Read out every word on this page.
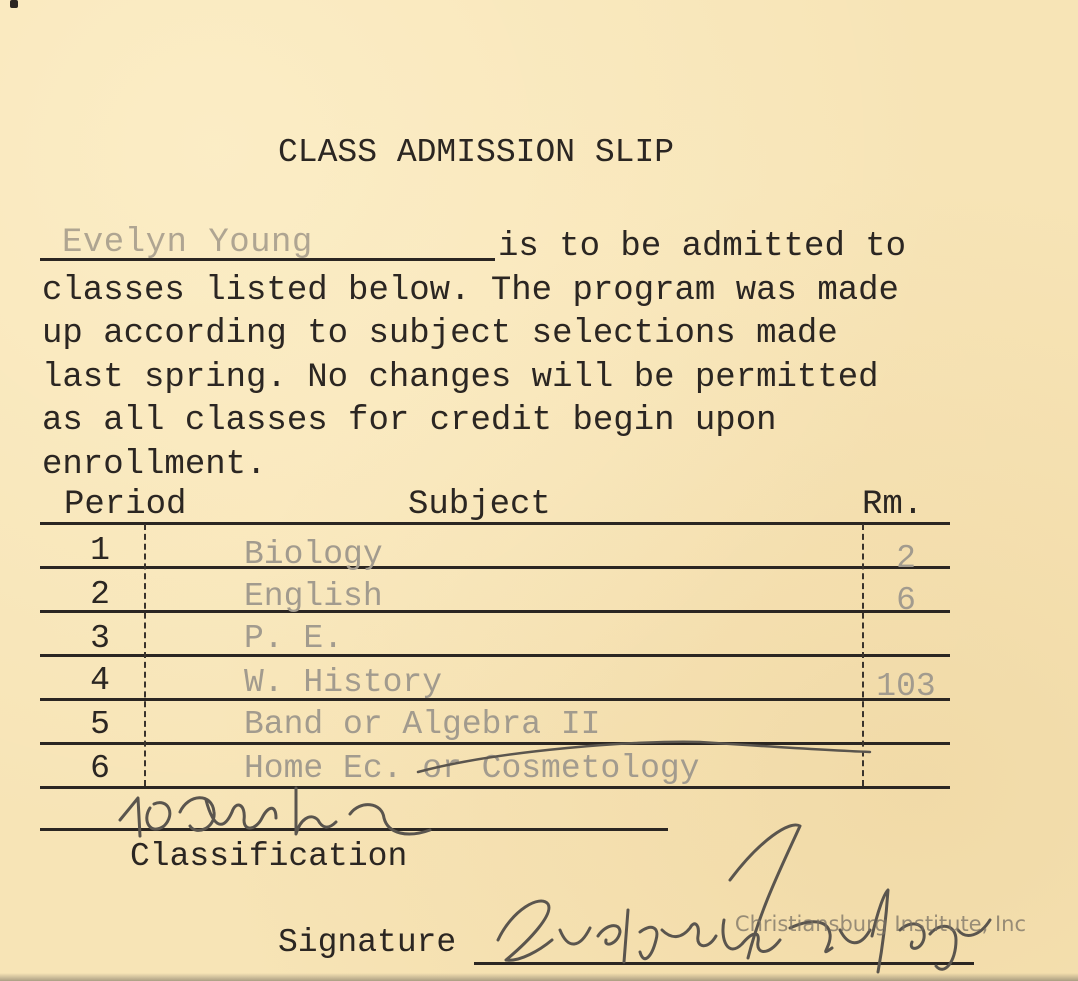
CLASS ADMISSION SLIP
Evelyn Young	is to be admitted to
classes listed below. The program was made
up according to subject selections made
last spring. No changes will be permitted
as all classes for credit begin upon
enrollment.
Period	Subject	Rm.
1	Biology	2
2	English	6
3	P. E.
4	W. History	103
5	Band or Algebra II
6	Home Ec. or Cosmetology
Classification
Signature	Christiansburg Institute, Inc
